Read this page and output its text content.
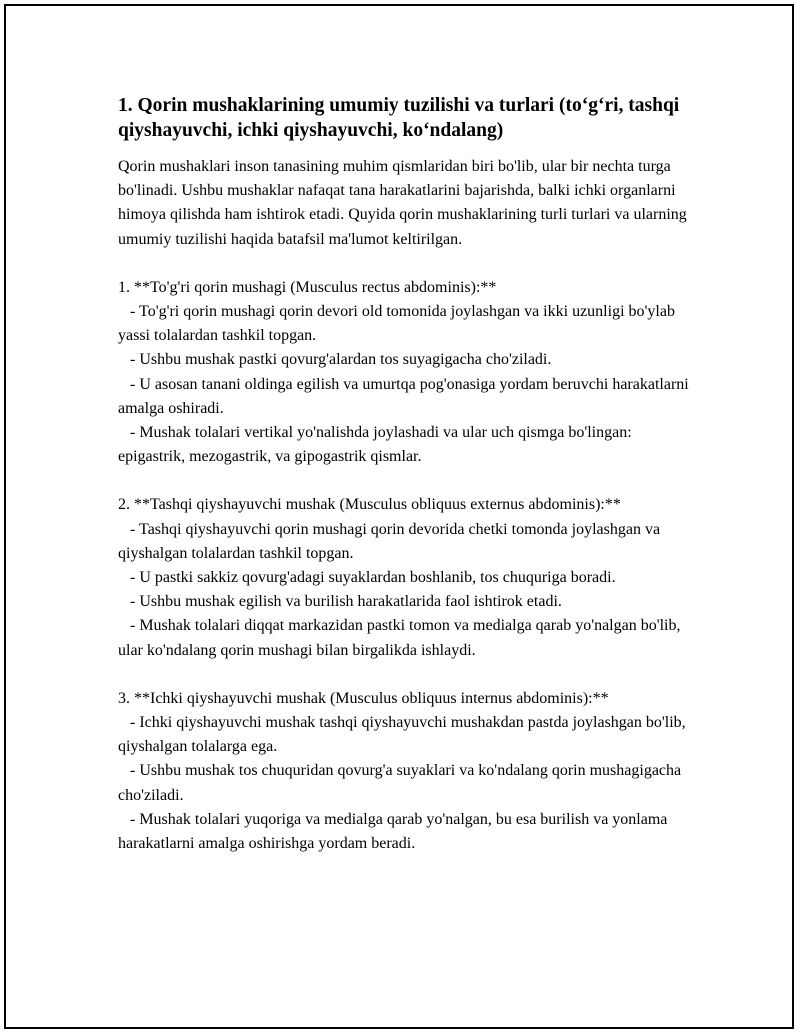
1. Qorin mushaklarining umumiy tuzilishi va turlari (to‘g‘ri, tashqi qiyshayuvchi, ichki qiyshayuvchi, ko‘ndalang)

Qorin mushaklari inson tanasining muhim qismlaridan biri bo'lib, ular bir nechta turga bo'linadi. Ushbu mushaklar nafaqat tana harakatlarini bajarishda, balki ichki organlarni himoya qilishda ham ishtirok etadi. Quyida qorin mushaklarining turli turlari va ularning umumiy tuzilishi haqida batafsil ma'lumot keltirilgan.

1. **To'g'ri qorin mushagi (Musculus rectus abdominis):**
- To'g'ri qorin mushagi qorin devori old tomonida joylashgan va ikki uzunligi bo'ylab yassi tolalardan tashkil topgan.
- Ushbu mushak pastki qovurg'alardan tos suyagigacha cho'ziladi.
- U asosan tanani oldinga egilish va umurtqa pog'onasiga yordam beruvchi harakatlarni amalga oshiradi.
- Mushak tolalari vertikal yo'nalishda joylashadi va ular uch qismga bo'lingan: epigastrik, mezogastrik, va gipogastrik qismlar.

2. **Tashqi qiyshayuvchi mushak (Musculus obliquus externus abdominis):**
- Tashqi qiyshayuvchi qorin mushagi qorin devorida chetki tomonda joylashgan va qiyshalgan tolalardan tashkil topgan.
- U pastki sakkiz qovurg'adagi suyaklardan boshlanib, tos chuquriga boradi.
- Ushbu mushak egilish va burilish harakatlarida faol ishtirok etadi.
- Mushak tolalari diqqat markazidan pastki tomon va medialga qarab yo'nalgan bo'lib, ular ko'ndalang qorin mushagi bilan birgalikda ishlaydi.

3. **Ichki qiyshayuvchi mushak (Musculus obliquus internus abdominis):**
- Ichki qiyshayuvchi mushak tashqi qiyshayuvchi mushakdan pastda joylashgan bo'lib, qiyshalgan tolalarga ega.
- Ushbu mushak tos chuquridan qovurg'a suyaklari va ko'ndalang qorin mushagigacha cho'ziladi.
- Mushak tolalari yuqoriga va medialga qarab yo'nalgan, bu esa burilish va yonlama harakatlarni amalga oshirishga yordam beradi.
